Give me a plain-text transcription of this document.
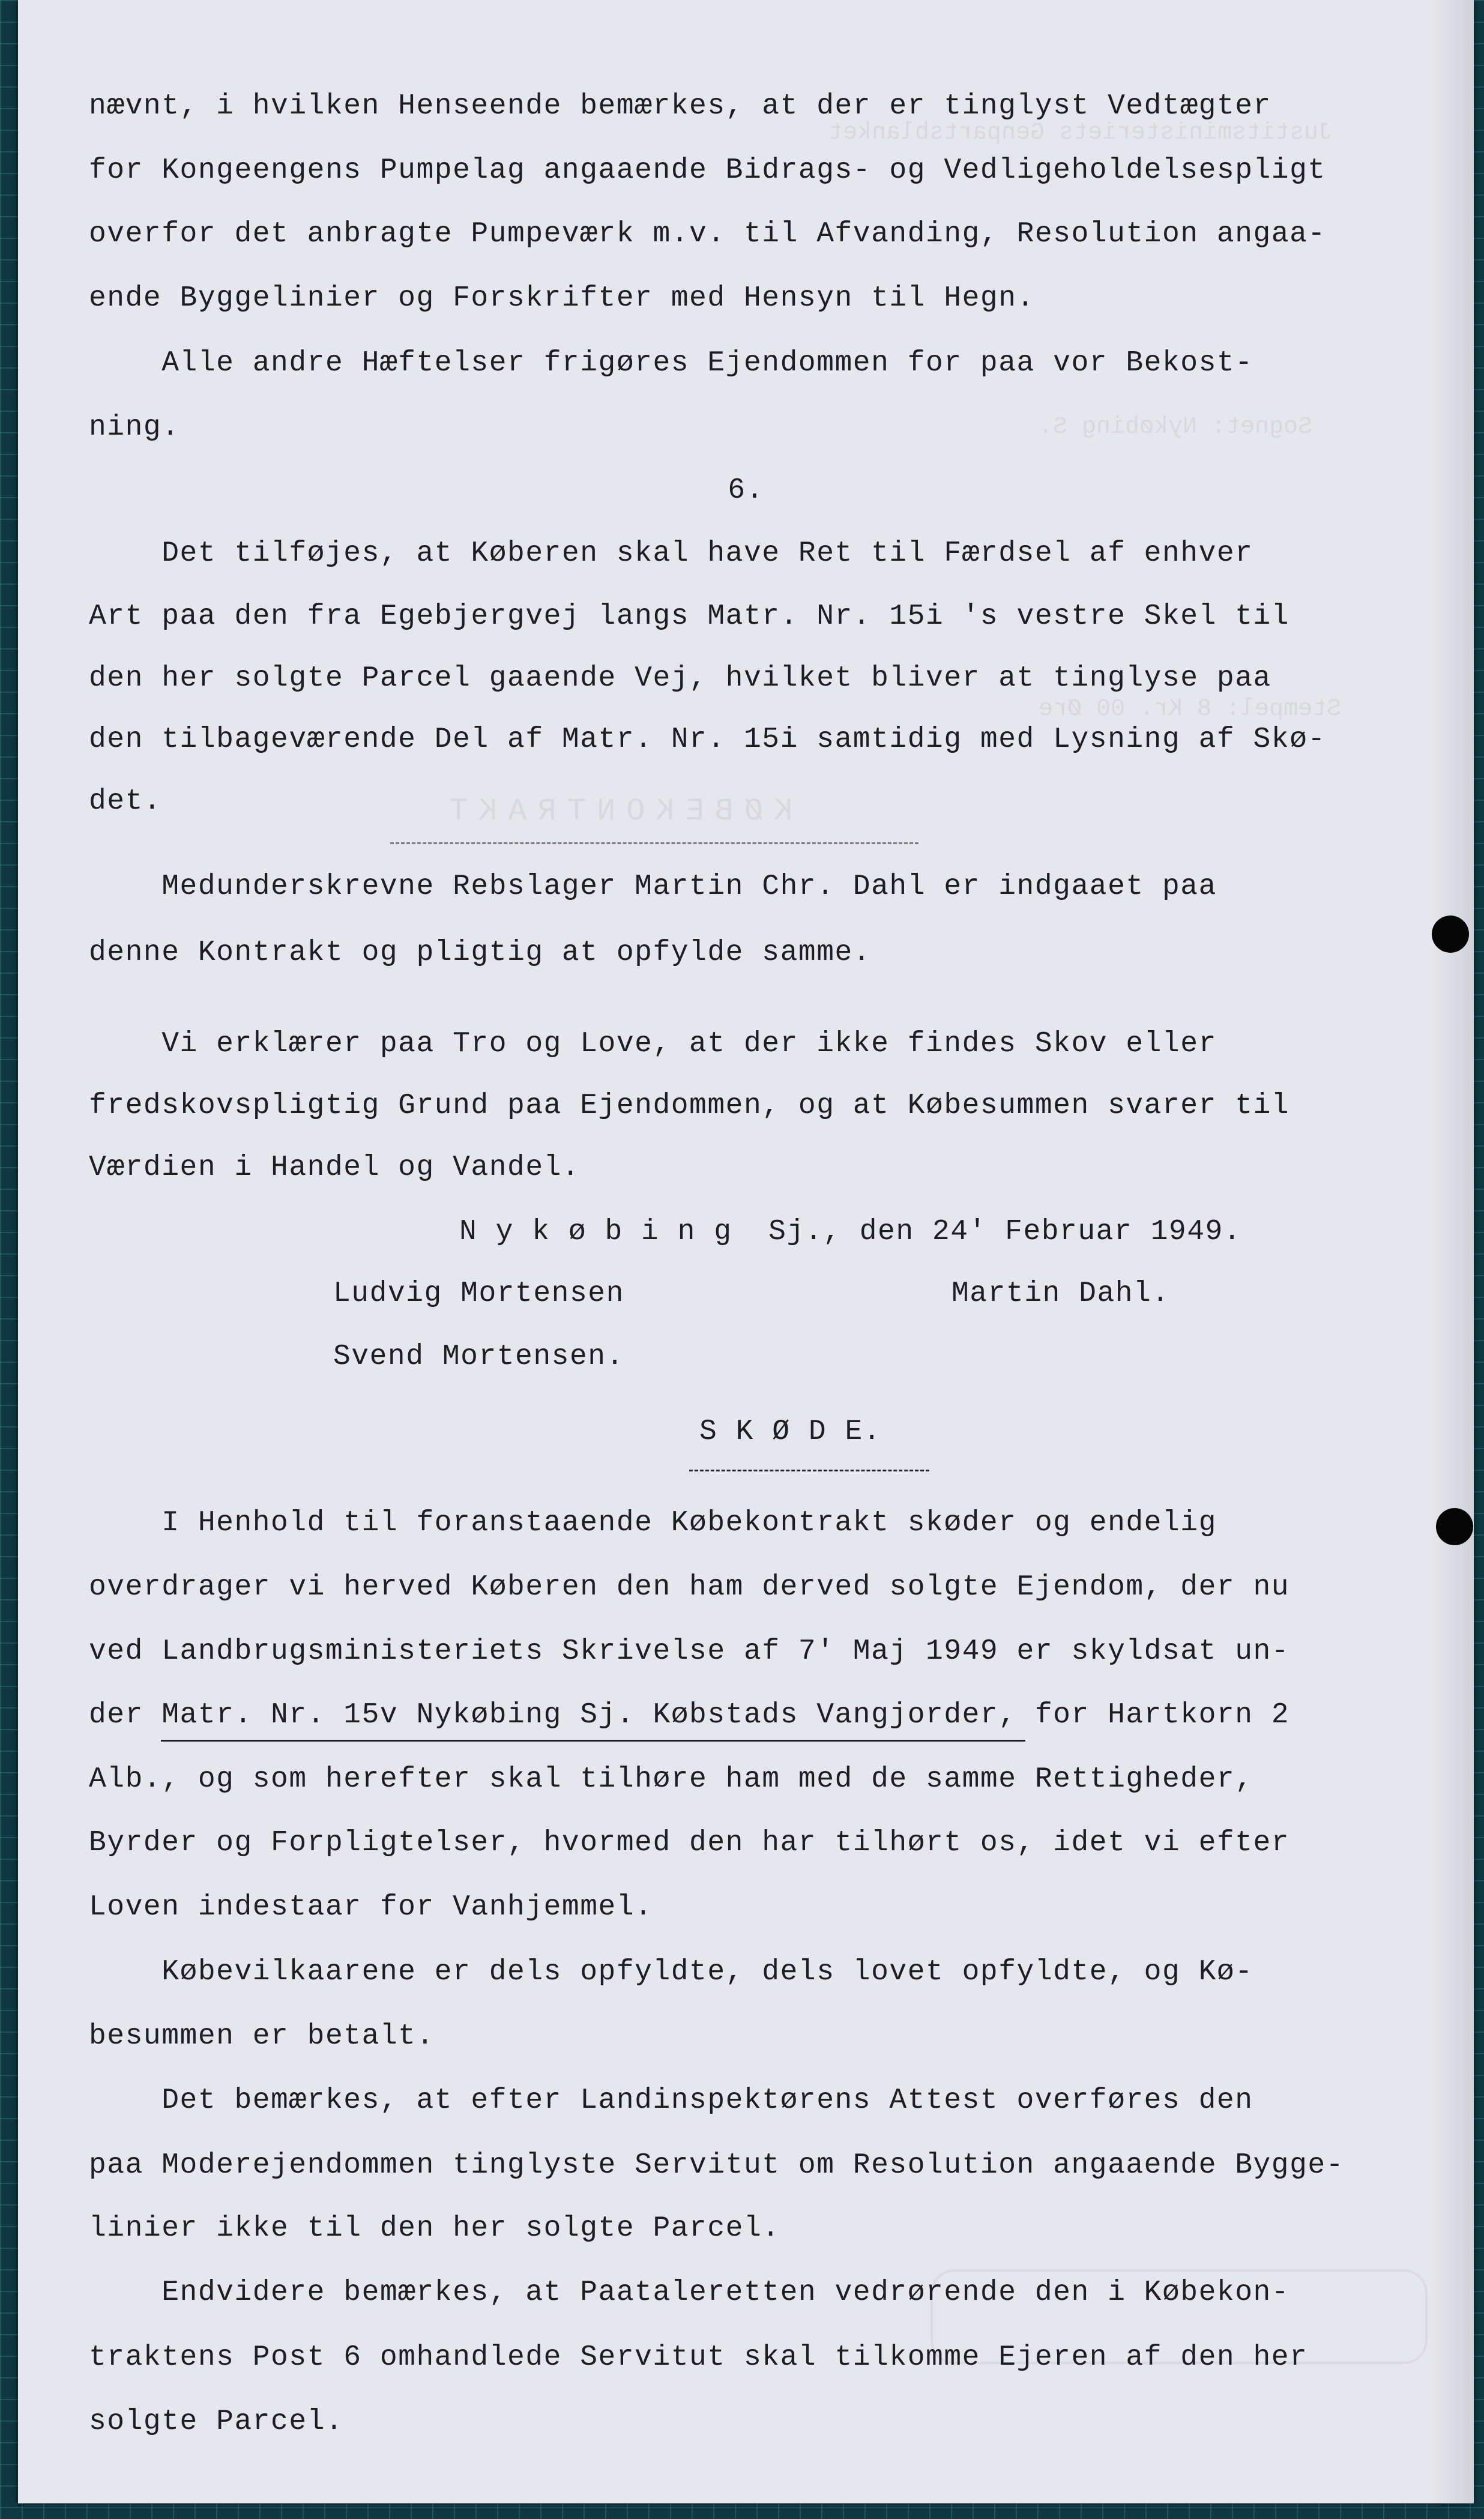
Justitsministeriets Genpartsblanket
Sognet: Nykøbing S.
Stempel: 8 Kr. 00 Øre
KØBEKONTRAKT
nævnt, i hvilken Henseende bemærkes, at der er tinglyst Vedtægter
for Kongeengens Pumpelag angaaende Bidrags- og Vedligeholdelsespligt
overfor det anbragte Pumpeværk m.v. til Afvanding, Resolution angaa-
ende Byggelinier og Forskrifter med Hensyn til Hegn.
Alle andre Hæftelser frigøres Ejendommen for paa vor Bekost-
ning.
6.
Det tilføjes, at Køberen skal have Ret til Færdsel af enhver
Art paa den fra Egebjergvej langs Matr. Nr. 15i 's vestre Skel til
den her solgte Parcel gaaende Vej, hvilket bliver at tinglyse paa
den tilbageværende Del af Matr. Nr. 15i samtidig med Lysning af Skø-
det.
Medunderskrevne Rebslager Martin Chr. Dahl er indgaaet paa
denne Kontrakt og pligtig at opfylde samme.
Vi erklærer paa Tro og Love, at der ikke findes Skov eller
fredskovspligtig Grund paa Ejendommen, og at Købesummen svarer til
Værdien i Handel og Vandel.
N y k ø b i n g  Sj., den 24' Februar 1949.
Ludvig Mortensen	Martin Dahl.
Svend Mortensen.
S K Ø D E.
I Henhold til foranstaaende Købekontrakt skøder og endelig
overdrager vi herved Køberen den ham derved solgte Ejendom, der nu
ved Landbrugsministeriets Skrivelse af 7' Maj 1949 er skyldsat un-
der Matr. Nr. 15v Nykøbing Sj. Købstads Vangjorder, for Hartkorn 2
Alb., og som herefter skal tilhøre ham med de samme Rettigheder,
Byrder og Forpligtelser, hvormed den har tilhørt os, idet vi efter
Loven indestaar for Vanhjemmel.
Købevilkaarene er dels opfyldte, dels lovet opfyldte, og Kø-
besummen er betalt.
Det bemærkes, at efter Landinspektørens Attest overføres den
paa Moderejendommen tinglyste Servitut om Resolution angaaende Bygge-
linier ikke til den her solgte Parcel.
Endvidere bemærkes, at Paataleretten vedrørende den i Købekon-
traktens Post 6 omhandlede Servitut skal tilkomme Ejeren af den her
solgte Parcel.
